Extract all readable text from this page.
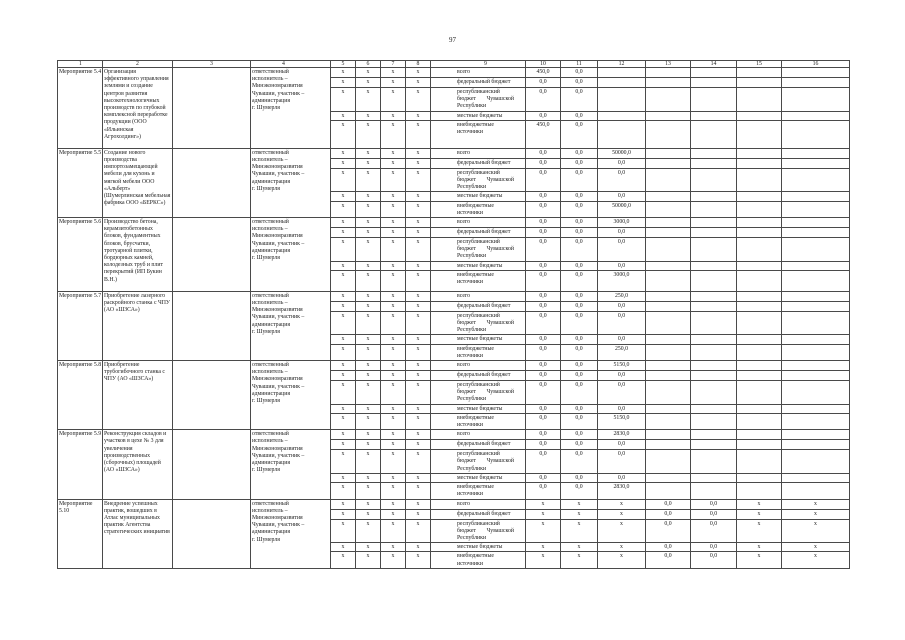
97
1	2	3	4	5	6	7	8	9	10	11	12	13	14	15	16
Мероприятие 5.4	Организация эффективного управления землями и создание центров развития высокотехнологичных производств по глубокой комплексной переработке продукции (ООО «Ильинская Агрохолдинг»)		ответственный исполнитель – Минэкономразвития Чувашии, участник – администрация г. Шумерля	х	х	х	х	всего	450,0	0,0					
				х	х	х	х	федеральный бюджет	0,0	0,0					
				х	х	х	х	республиканский бюджет Чувашской Республики	0,0	0,0					
				х	х	х	х	местные бюджеты	0,0	0,0					
				х	х	х	х	внебюджетные источники	450,0	0,0					
Мероприятие 5.5	Создание нового производства импортозамещающей мебели для кухонь и мягкой мебели ООО «Альберт» (Шумерлинская мебельная фабрика ООО «БЕРКС»)		ответственный исполнитель – Минэкономразвития Чувашии, участник – администрация г. Шумерля	х	х	х	х	всего	0,0	0,0	50000,0				
				х	х	х	х	федеральный бюджет	0,0	0,0	0,0				
				х	х	х	х	республиканский бюджет Чувашской Республики	0,0	0,0	0,0				
				х	х	х	х	местные бюджеты	0,0	0,0	0,0				
				х	х	х	х	внебюджетные источники	0,0	0,0	50000,0				
Мероприятие 5.6	Производство бетона, керамзитобетонных блоков, фундаментных блоков, брусчатки, тротуарной плитки, бордюрных камней, колодезных труб и плит перекрытий (ИП Букин В.Н.)		ответственный исполнитель – Минэкономразвития Чувашии, участник – администрация г. Шумерля	х	х	х	х	всего	0,0	0,0	3000,0				
				х	х	х	х	федеральный бюджет	0,0	0,0	0,0				
				х	х	х	х	республиканский бюджет Чувашской Республики	0,0	0,0	0,0				
				х	х	х	х	местные бюджеты	0,0	0,0	0,0				
				х	х	х	х	внебюджетные источники	0,0	0,0	3000,0				
Мероприятие 5.7	Приобретение лазерного раскройного станка с ЧПУ (АО «ШЗСА»)		ответственный исполнитель – Минэкономразвития Чувашии, участник – администрация г. Шумерля	х	х	х	х	всего	0,0	0,0	250,0				
				х	х	х	х	федеральный бюджет	0,0	0,0	0,0				
				х	х	х	х	республиканский бюджет Чувашской Республики	0,0	0,0	0,0				
				х	х	х	х	местные бюджеты	0,0	0,0	0,0				
				х	х	х	х	внебюджетные источники	0,0	0,0	250,0				
Мероприятие 5.8	Приобретение трубогибочного станка с ЧПУ (АО «ШЗСА»)		ответственный исполнитель – Минэкономразвития Чувашии, участник – администрация г. Шумерля	х	х	х	х	всего	0,0	0,0	5150,0				
				х	х	х	х	федеральный бюджет	0,0	0,0	0,0				
				х	х	х	х	республиканский бюджет Чувашской Республики	0,0	0,0	0,0				
				х	х	х	х	местные бюджеты	0,0	0,0	0,0				
				х	х	х	х	внебюджетные источники	0,0	0,0	5150,0				
Мероприятие 5.9	Реконструкция складов и участков в цехе № 3 для увеличения производственных (сборочных) площадей (АО «ШЗСА»)		ответственный исполнитель – Минэкономразвития Чувашии, участник – администрация г. Шумерля	х	х	х	х	всего	0,0	0,0	2830,0				
				х	х	х	х	федеральный бюджет	0,0	0,0	0,0				
				х	х	х	х	республиканский бюджет Чувашской Республики	0,0	0,0	0,0				
				х	х	х	х	местные бюджеты	0,0	0,0	0,0				
				х	х	х	х	внебюджетные источники	0,0	0,0	2830,0				
Мероприятие 5.10	Внедрение успешных практик, вошедших в Атлас муниципальных практик Агентства стратегических инициатив		ответственный исполнитель – Минэкономразвития Чувашии, участник – администрация г. Шумерля	х	х	х	х	всего	х	х	х	0,0	0,0	х	х
				х	х	х	х	федеральный бюджет	х	х	х	0,0	0,0	х	х
				х	х	х	х	республиканский бюджет Чувашской Республики	х	х	х	0,0	0,0	х	х
				х	х	х	х	местные бюджеты	х	х	х	0,0	0,0	х	х
				х	х	х	х	внебюджетные источники	х	х	х	0,0	0,0	х	х
